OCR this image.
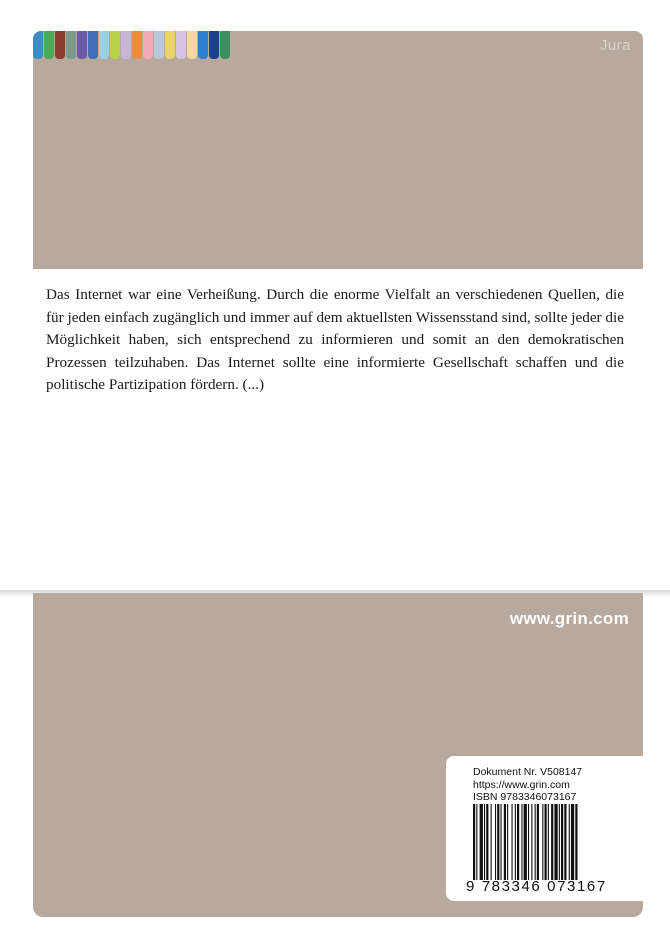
Jura
Das Internet war eine Verheißung. Durch die enorme Vielfalt an verschiedenen Quellen, die für jeden einfach zugänglich und immer auf dem aktuellsten Wissensstand sind, sollte jeder die Möglichkeit haben, sich entsprechend zu informieren und somit an den demokratischen Prozessen teilzuhaben. Das Internet sollte eine informierte Gesellschaft schaffen und die politische Partizipation fördern. (...)
www.grin.com
Dokument Nr. V508147
https://www.grin.com
ISBN 9783346073167
9 783346 073167
